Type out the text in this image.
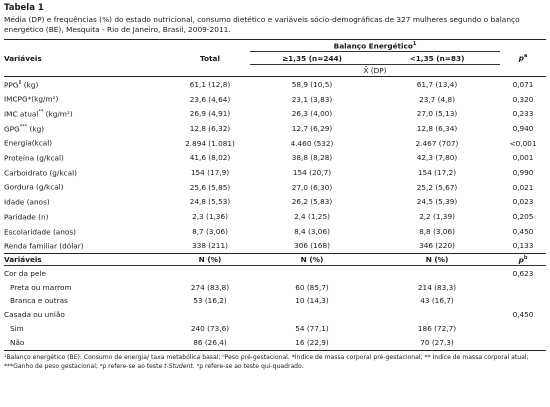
Tabela 1
Média (DP) e frequências (%) do estado nutricional, consumo dietético e variáveis sócio-demográficas de 327 mulheres segundo o balanço energético (BE), Mesquita - Rio de Janeiro, Brasil, 2009-2011.
		Balanço Energético$^1$	
Variáveis	Total	≥1,35 (n=244)	<1,35 (n=83)	$p^a$
		X̄ (DP)		
$PPG^{II}$ (kg)	61,1 (12,8)	58,9 (10,5)	61,7 (13,4)	0,071
IMCPG*(kg/m²)	23,6 (4,64)	23,1 (3,83)	23,7 (4,8)	0,320
IMC atual** (kg/m²)	26,9 (4,91)	26,3 (4,00)	27,0 (5,13)	0,233
GPG*** (kg)	12,8 (6,32)	12,7 (6,29)	12,8 (6,34)	0,940
Energia(kcal)	2.894 (1.081)	4.460 (532)	2.467 (707)	<0,001
Proteína (g/kcal)	41,6 (8,02)	38,8 (8,28)	42,3 (7,80)	0,001
Carboidrato (g/kcal)	154 (17,9)	154 (20,7)	154 (17,2)	0,990
Gordura (g/kcal)	25,6 (5,85)	27,0 (6,30)	25,2 (5,67)	0,021
Idade (anos)	24,8 (5,53)	26,2 (5,83)	24,5 (5,39)	0,023
Paridade (n)	2,3 (1,36)	2,4 (1,25)	2,2 (1,39)	0,205
Escolaridade (anos)	8,7 (3,06)	8,4 (3,06)	8,8 (3,06)	0,450
Renda familiar (dólar)	338 (211)	306 (168)	346 (220)	0,133
Variáveis	N (%)	N (%)	N (%)	$p^b$
Cor da pele				0,623
Preta ou marrom	274 (83,8)	60 (85,7)	214 (83,3)	
Branca e outras	53 (16,2)	10 (14,3)	43 (16,7)	
Casada ou união				0,450
Sim	240 (73,6)	54 (77,1)	186 (72,7)	
Não	86 (26,4)	16 (22,9)	70 (27,3)	
¹Balanço energético (BE): Consumo de energia/ taxa metabólica basal; ᴵᴵPeso pré-gestacional. *Índice de massa corporal pré-gestacional; ** Índice de massa corporal atual;
***Ganho de peso gestacional; ᵃp refere-se ao teste t-Student. ᵇp refere-se ao teste qui-quadrado.
